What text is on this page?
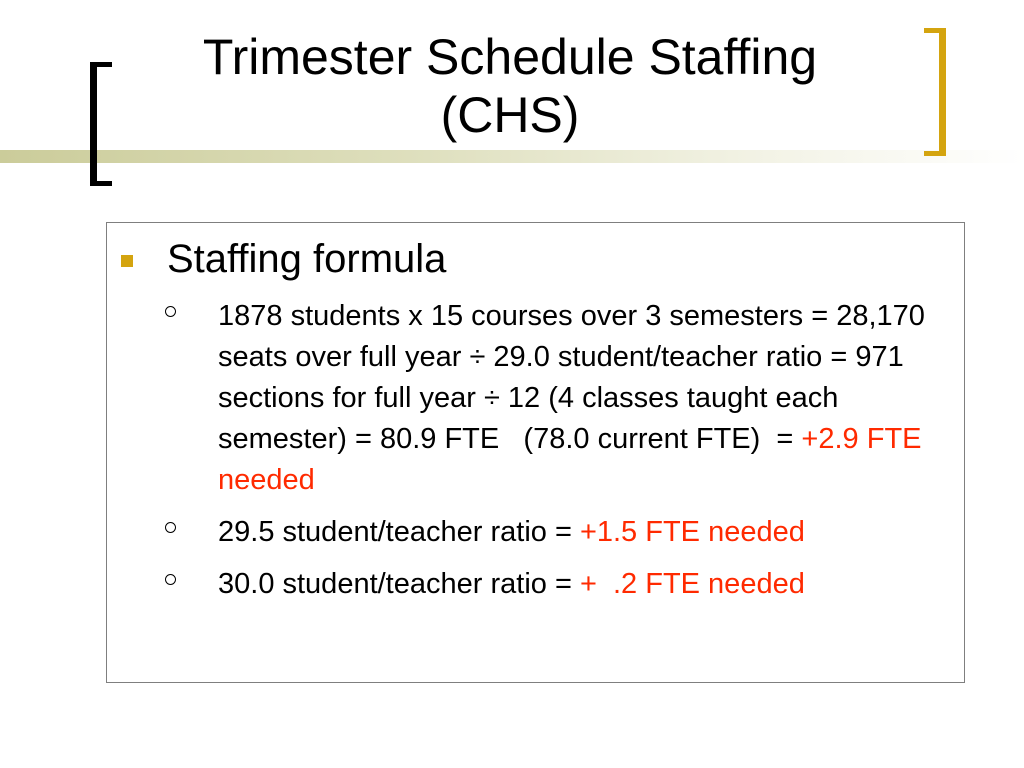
Trimester Schedule Staffing
(CHS)
Staffing formula
1878 students x 15 courses over 3 semesters = 28,170 seats over full year ÷ 29.0 student/teacher ratio = 971 sections for full year ÷ 12 (4 classes taught each semester) = 80.9 FTE   (78.0 current FTE)  = +2.9 FTE needed
29.5 student/teacher ratio = +1.5 FTE needed
30.0 student/teacher ratio = +  .2 FTE needed
